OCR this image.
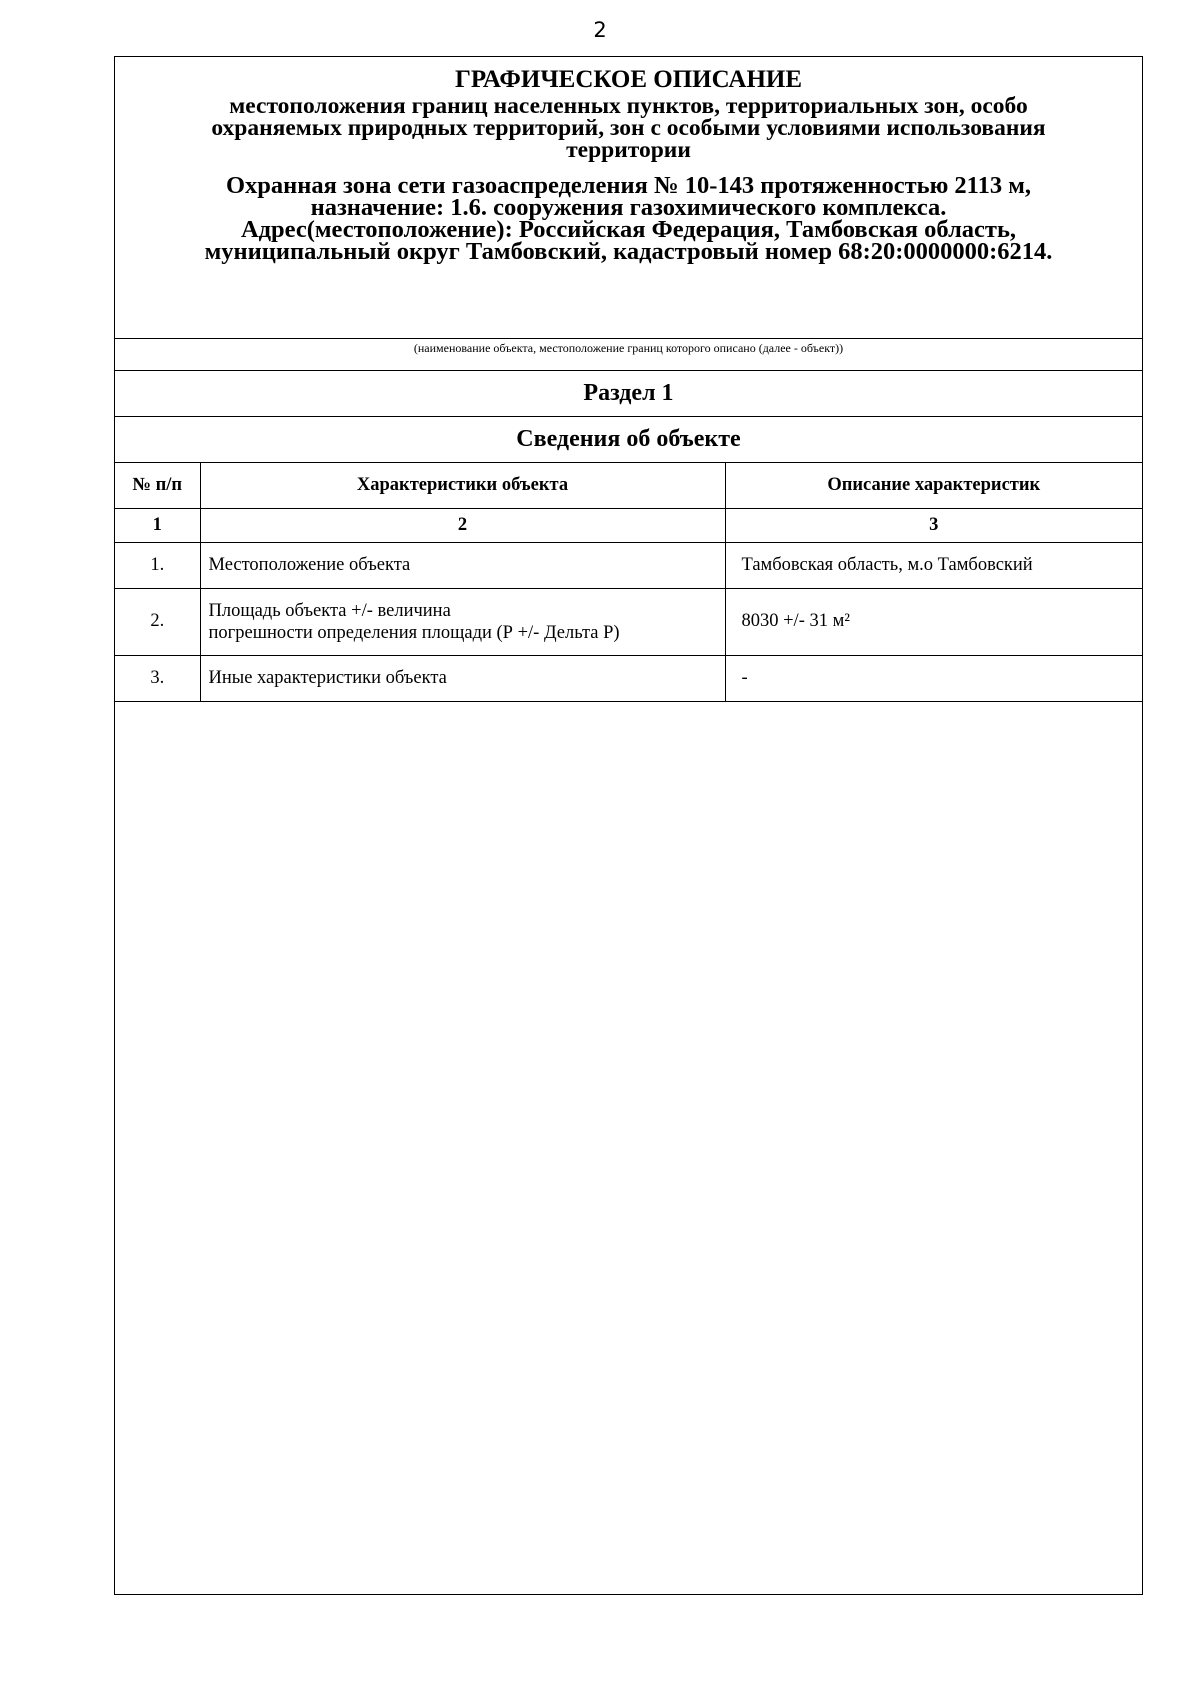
2
ГРАФИЧЕСКОЕ ОПИСАНИЕ
местоположения границ населенных пунктов, территориальных зон, особо
охраняемых природных территорий, зон с особыми условиями использования
территории
Охранная зона сети газоаспределения № 10-143 протяженностью 2113 м,
назначение: 1.6. сооружения газохимического комплекса.
Адрес(местоположение): Российская Федерация, Тамбовская область,
муниципальный округ Тамбовский, кадастровый номер 68:20:0000000:6214.
(наименование объекта, местоположение границ которого описано (далее - объект))
Раздел 1
Сведения об объекте
№ п/п	Характеристики объекта	Описание характеристик
1	2	3
1.	Местоположение объекта	Тамбовская область, м.о Тамбовский
2.	Площадь объекта +/- величина
погрешности определения площади (Р +/- Дельта Р)	8030 +/- 31 м²
3.	Иные характеристики объекта	-
